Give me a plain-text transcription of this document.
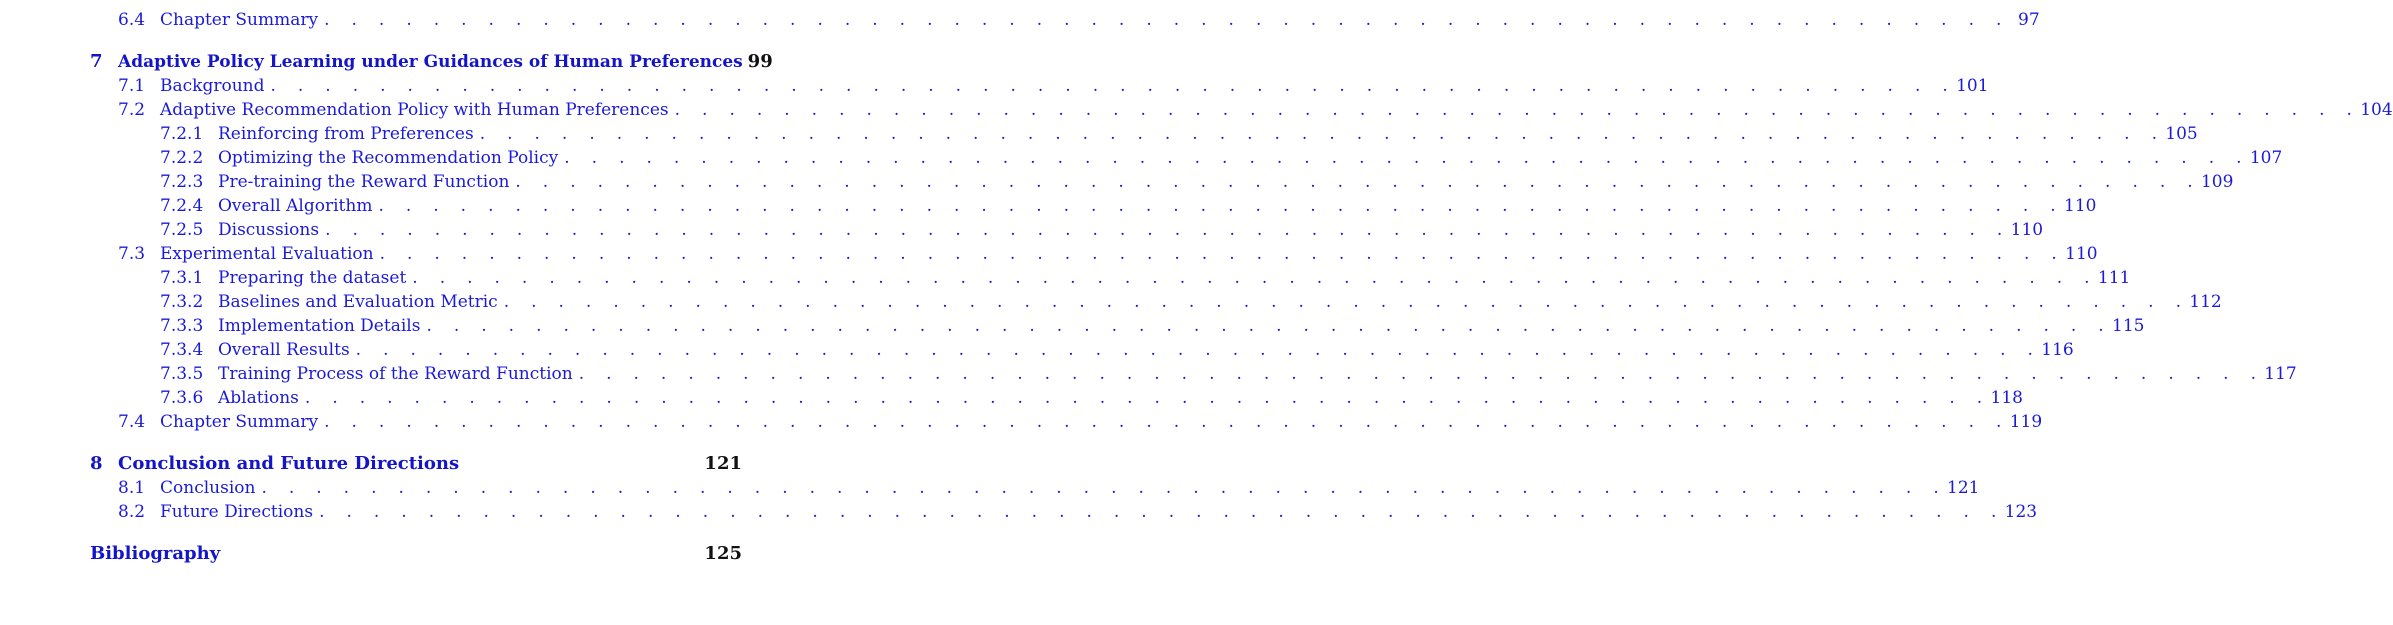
6.4 Chapter Summary . . . . . . . . . . . . . . . . . . . . . . . . . . . . . . . . . . . . . . . . . . . . . . . . . . . . . . . . . . . . . . 97
7 Adaptive Policy Learning under Guidances of Human Preferences 99
7.1 Background . . . . . . . . . . . . . . . . . . . . . . . . . . . . . . . . . . . . . . . . . . . . . . . . . . . . . . . . . . . . . . 101
7.2 Adaptive Recommendation Policy with Human Preferences . . . . . . . . . . . . . . . . . . . . . . . . . . . . . . . . . . . . . . . . . . . . . . . . . . . . . . . . . . . . . . 104
7.2.1 Reinforcing from Preferences . . . . . . . . . . . . . . . . . . . . . . . . . . . . . . . . . . . . . . . . . . . . . . . . . . . . . . . . . . . . . . 105
7.2.2 Optimizing the Recommendation Policy . . . . . . . . . . . . . . . . . . . . . . . . . . . . . . . . . . . . . . . . . . . . . . . . . . . . . . . . . . . . . . 107
7.2.3 Pre-training the Reward Function . . . . . . . . . . . . . . . . . . . . . . . . . . . . . . . . . . . . . . . . . . . . . . . . . . . . . . . . . . . . . . 109
7.2.4 Overall Algorithm . . . . . . . . . . . . . . . . . . . . . . . . . . . . . . . . . . . . . . . . . . . . . . . . . . . . . . . . . . . . . . 110
7.2.5 Discussions . . . . . . . . . . . . . . . . . . . . . . . . . . . . . . . . . . . . . . . . . . . . . . . . . . . . . . . . . . . . . . 110
7.3 Experimental Evaluation . . . . . . . . . . . . . . . . . . . . . . . . . . . . . . . . . . . . . . . . . . . . . . . . . . . . . . . . . . . . . . 110
7.3.1 Preparing the dataset . . . . . . . . . . . . . . . . . . . . . . . . . . . . . . . . . . . . . . . . . . . . . . . . . . . . . . . . . . . . . . 111
7.3.2 Baselines and Evaluation Metric . . . . . . . . . . . . . . . . . . . . . . . . . . . . . . . . . . . . . . . . . . . . . . . . . . . . . . . . . . . . . . 112
7.3.3 Implementation Details . . . . . . . . . . . . . . . . . . . . . . . . . . . . . . . . . . . . . . . . . . . . . . . . . . . . . . . . . . . . . . 115
7.3.4 Overall Results . . . . . . . . . . . . . . . . . . . . . . . . . . . . . . . . . . . . . . . . . . . . . . . . . . . . . . . . . . . . . . 116
7.3.5 Training Process of the Reward Function . . . . . . . . . . . . . . . . . . . . . . . . . . . . . . . . . . . . . . . . . . . . . . . . . . . . . . . . . . . . . . 117
7.3.6 Ablations . . . . . . . . . . . . . . . . . . . . . . . . . . . . . . . . . . . . . . . . . . . . . . . . . . . . . . . . . . . . . . 118
7.4 Chapter Summary . . . . . . . . . . . . . . . . . . . . . . . . . . . . . . . . . . . . . . . . . . . . . . . . . . . . . . . . . . . . . . 119
8 Conclusion and Future Directions	121
8.1 Conclusion . . . . . . . . . . . . . . . . . . . . . . . . . . . . . . . . . . . . . . . . . . . . . . . . . . . . . . . . . . . . . . 121
8.2 Future Directions . . . . . . . . . . . . . . . . . . . . . . . . . . . . . . . . . . . . . . . . . . . . . . . . . . . . . . . . . . . . . . 123
Bibliography	125
